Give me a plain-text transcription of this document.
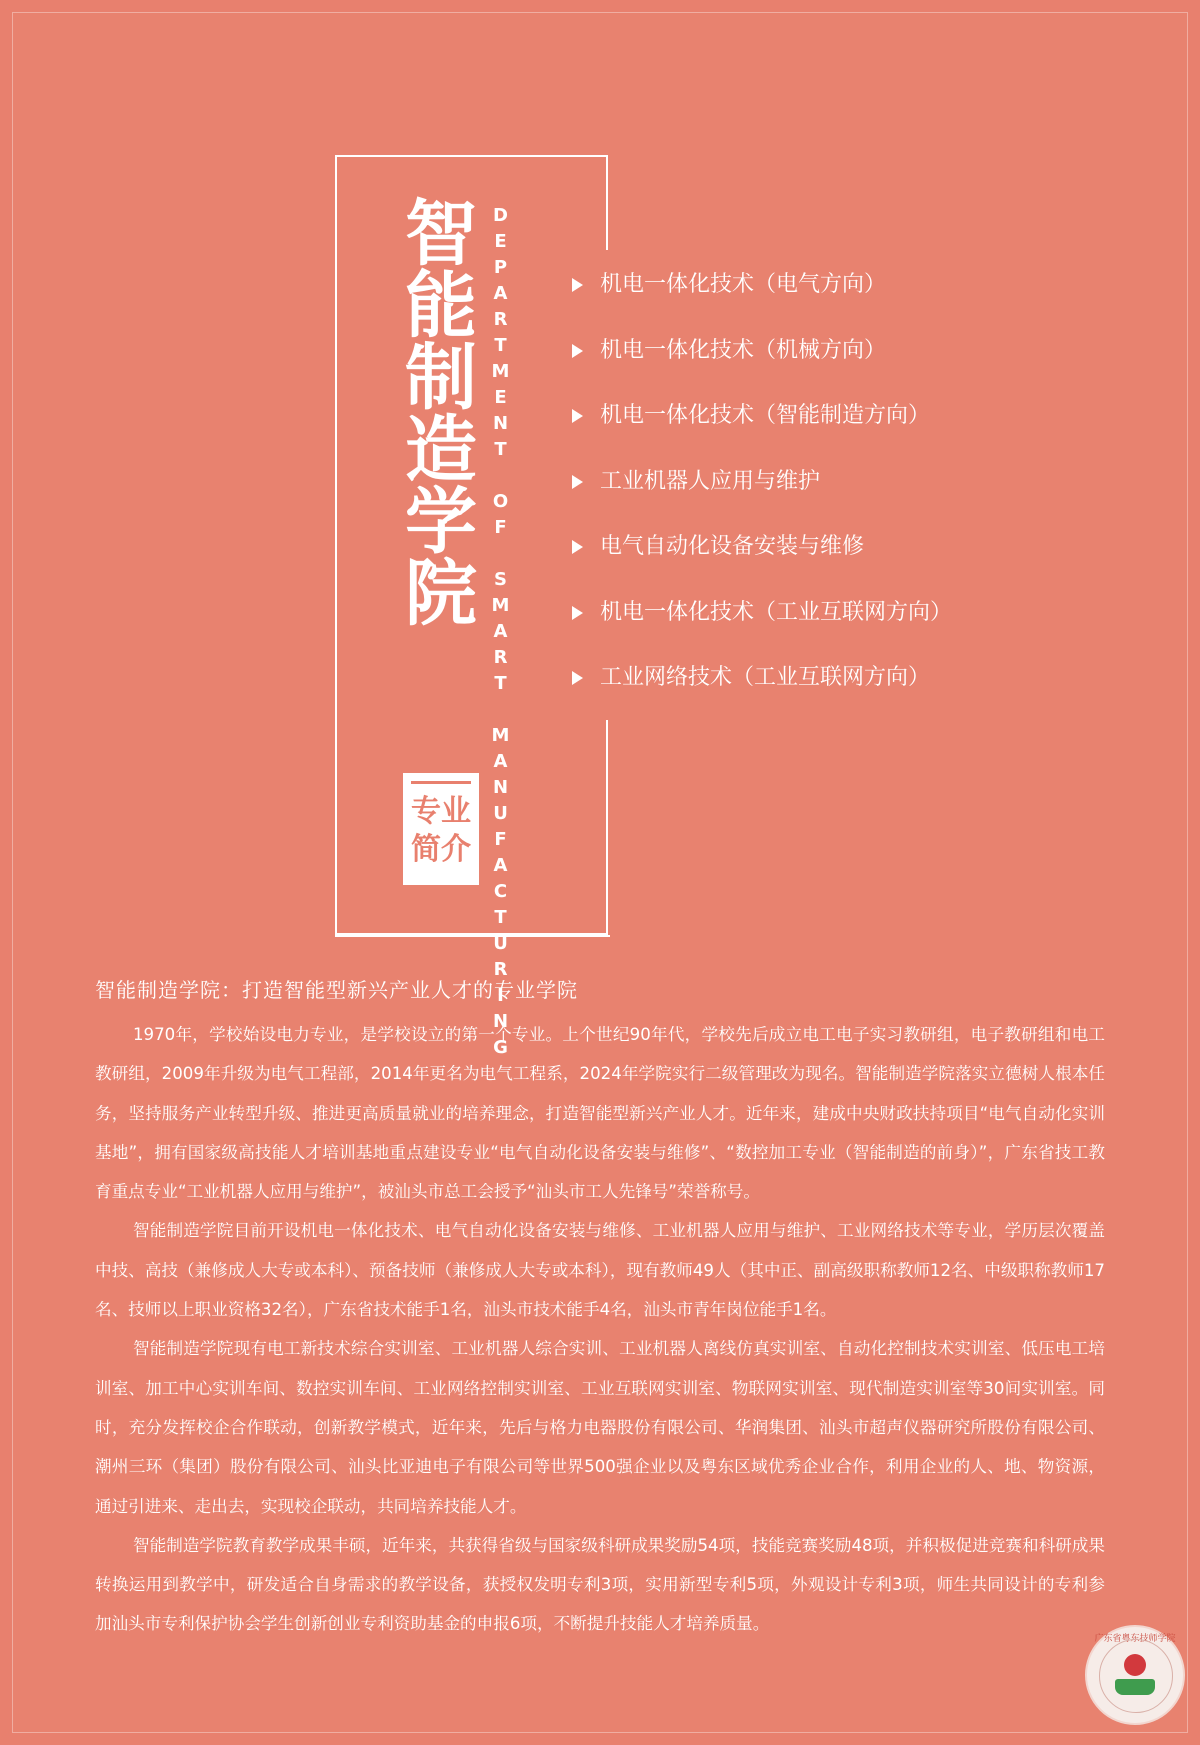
智能制造学院 DEPARTMENT OF SMART MANUFACTURING
专业简介
机电一体化技术（电气方向）
机电一体化技术（机械方向）
机电一体化技术（智能制造方向）
工业机器人应用与维护
电气自动化设备安装与维修
机电一体化技术（工业互联网方向）
工业网络技术（工业互联网方向）

智能制造学院：打造智能型新兴产业人才的专业学院

1970年，学校始设电力专业，是学校设立的第一个专业。上个世纪90年代，学校先后成立电工电子实习教研组，电子教研组和电工教研组，2009年升级为电气工程部，2014年更名为电气工程系，2024年学院实行二级管理改为现名。智能制造学院落实立德树人根本任务，坚持服务产业转型升级、推进更高质量就业的培养理念，打造智能型新兴产业人才。近年来，建成中央财政扶持项目“电气自动化实训基地”，拥有国家级高技能人才培训基地重点建设专业“电气自动化设备安装与维修”、“数控加工专业（智能制造的前身）”，广东省技工教育重点专业“工业机器人应用与维护”，被汕头市总工会授予“汕头市工人先锋号”荣誉称号。

智能制造学院目前开设机电一体化技术、电气自动化设备安装与维修、工业机器人应用与维护、工业网络技术等专业，学历层次覆盖中技、高技（兼修成人大专或本科）、预备技师（兼修成人大专或本科），现有教师49人（其中正、副高级职称教师12名、中级职称教师17名、技师以上职业资格32名），广东省技术能手1名，汕头市技术能手4名，汕头市青年岗位能手1名。

智能制造学院现有电工新技术综合实训室、工业机器人综合实训、工业机器人离线仿真实训室、自动化控制技术实训室、低压电工培训室、加工中心实训车间、数控实训车间、工业网络控制实训室、工业互联网实训室、物联网实训室、现代制造实训室等30间实训室。同时，充分发挥校企合作联动，创新教学模式，近年来，先后与格力电器股份有限公司、华润集团、汕头市超声仪器研究所股份有限公司、潮州三环（集团）股份有限公司、汕头比亚迪电子有限公司等世界500强企业以及粤东区域优秀企业合作，利用企业的人、地、物资源，通过引进来、走出去，实现校企联动，共同培养技能人才。

智能制造学院教育教学成果丰硕，近年来，共获得省级与国家级科研成果奖励54项，技能竞赛奖励48项，并积极促进竞赛和科研成果转换运用到教学中，研发适合自身需求的教学设备，获授权发明专利3项，实用新型专利5项，外观设计专利3项，师生共同设计的专利参加汕头市专利保护协会学生创新创业专利资助基金的申报6项，不断提升技能人才培养质量。

广东省粤东技师学院
